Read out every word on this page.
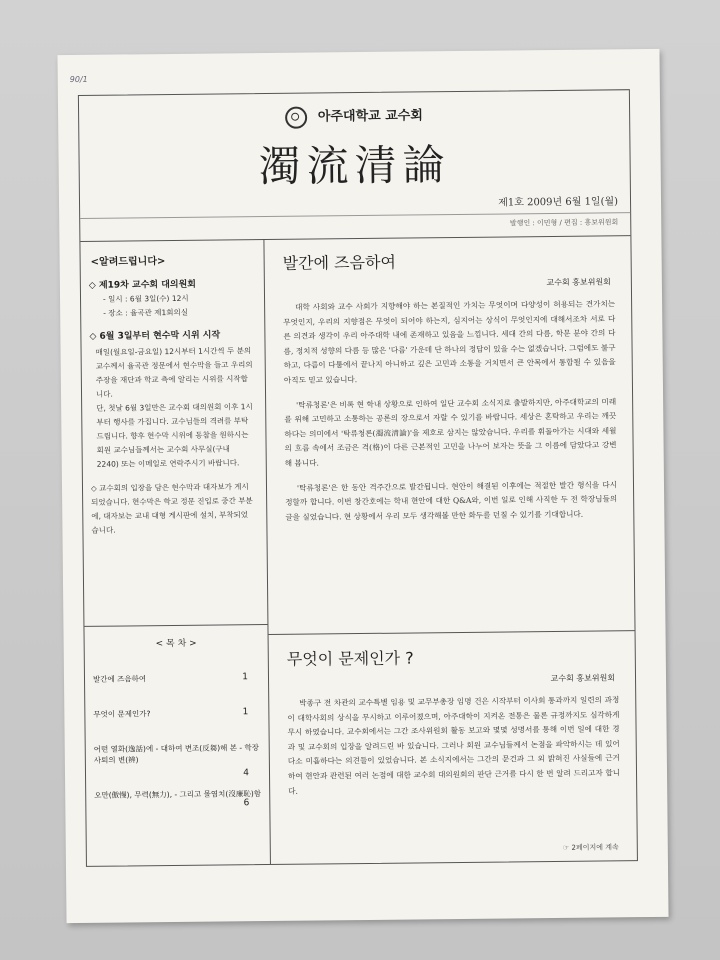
90/1
아주대학교 교수회
濁流清論
제1호 2009년 6월 1일(월)
발행인 : 이민형 / 편집 : 홍보위원회
<알려드립니다>
◇ 제19차 교수회 대의원회
- 일시 : 6월 3일(수) 12시
- 장소 : 율곡관 제1회의실
◇ 6월 3일부터 현수막 시위 시작
매일(월요일-금요일) 12시부터 1시간씩 두 분의 교수께서 율곡관 정문에서 현수막을 들고 우리의 주장을 재단과 학교 측에 알리는 시위를 시작합니다.
단, 첫날 6월 3일만은 교수회 대의원회 이후 1시부터 행사를 가집니다. 교수님들의 격려를 부탁 드립니다. 향후 현수막 시위에 동참을 원하시는 회원 교수님들께서는 교수회 사무실(구내 2240) 또는 이메일로 연락주시기 바랍니다.
◇ 교수회의 입장을 담은 현수막과 대자보가 게시되었습니다. 현수막은 학교 정문 진입로 중간 부분에, 대자보는 교내 대형 게시판에 설치, 부착되었습니다.
< 목 차 >
발간에 즈음하여	1
무엇이 문제인가?	1
어떤 열화(逸話)에 - 대하여 변조(反芻)해 본 - 학장 사퇴의 변(辨)
4
오만(傲慢), 무력(無力), - 그리고 몰염치(沒廉恥)함
6
발간에 즈음하여
교수회 홍보위원회
대학 사회와 교수 사회가 지향해야 하는 본질적인 가치는 무엇이며 다양성이 허용되는 견가치는 무엇인지, 우리의 지향점은 무엇이 되어야 하는지, 심지어는 상식이 무엇인지에 대해서조차 서로 다른 의견과 생각이 우리 아주대학 내에 존재하고 있음을 느낍니다. 세대 간의 다름, 학문 분야 간의 다름, 정치적 성향의 다름 등 많은 '다름' 가운데 단 하나의 정답이 있을 수는 없겠습니다. 그럼에도 불구하고, 다름이 다툼에서 끝나지 아니하고 깊은 고민과 소통을 거치면서 큰 안목에서 통합될 수 있음을 아직도 믿고 있습니다.
'탁류청론'은 비록 현 학내 상황으로 인하여 일단 교수회 소식지로 출발하지만, 아주대학교의 미래를 위해 고민하고 소통하는 공론의 장으로서 자랄 수 있기를 바랍니다. 세상은 혼탁하고 우리는 깨끗하다는 의미에서 '탁류청론(濁流清論)'을 제호로 삼지는 않았습니다. 우리를 휘돌아가는 시대와 세월의 흐름 속에서 조금은 격(格)이 다른 근본적인 고민을 나누어 보자는 뜻을 그 이름에 담았다고 강변해 봅니다.
'탁류청론'은 한 동안 격주간으로 발간됩니다. 현안이 해결된 이후에는 적절한 발간 형식을 다시 정할까 합니다. 이번 창간호에는 학내 현안에 대한 Q&A와, 이번 일로 인해 사직한 두 전 학장님들의 글을 실었습니다. 현 상황에서 우리 모두 생각해볼 만한 화두를 던질 수 있기를 기대합니다.
무엇이 문제인가 ?
교수회 홍보위원회
박종구 전 차관의 교수특별 임용 및 교무부총장 임명 건은 시작부터 이사회 통과까지 일련의 과정이 대학사회의 상식을 무시하고 이루어졌으며, 아주대학이 지켜온 전통은 물론 규정까지도 심각하게 무시 하였습니다. 교수회에서는 그간 조사위원회 활동 보고와 몇몇 성명서를 통해 이번 일에 대한 경과 및 교수회의 입장을 알려드린 바 있습니다. 그러나 회원 교수님들께서 논점을 파악하시는 데 있어 다소 미흡하다는 의견들이 있었습니다. 본 소식지에서는 그간의 문건과 그 외 밝혀진 사실들에 근거하여 현안과 관련된 여러 논점에 대한 교수회 대의원회의 판단 근거를 다시 한 번 알려 드리고자 합니다.
☞ 2페이지에 계속
